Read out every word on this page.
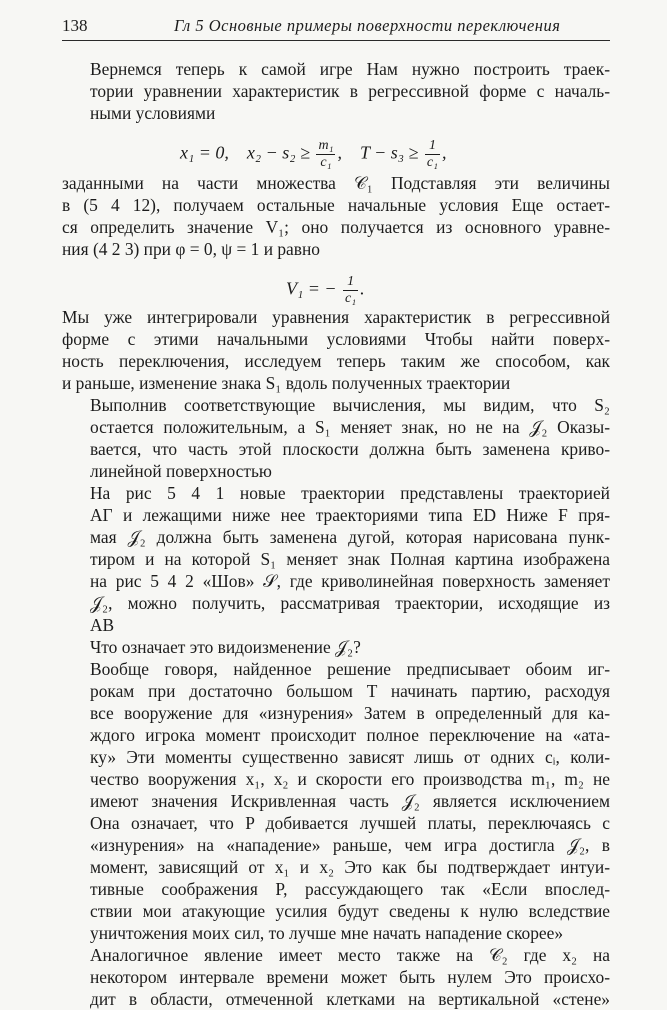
138	Гл 5 Основные примеры поверхности переключения

Вернемся теперь к самой игре Нам нужно построить траек-
тории уравнении характеристик в регрессивной форме с началь-
ными условиями

x₁ = 0, $x_2 - s_2 \ge \frac{\text{m₁}}{\text{c₁}}$ , $T - s_3 \ge \frac{1}{\text{c₁}}$ ,

заданными на части множества 𝒞₁ Подставляя эти величины
в (5 4 12), получаем остальные начальные условия Еще остает-
ся определить значение V₁; оно получается из основного уравне-
ния (4 2 3) при φ = 0, ψ = 1 и равно

V₁ = − $\frac{1}{\text{c₁}}$ .

Мы уже интегрировали уравнения характеристик в регрессивной
форме с этими начальными условиями Чтобы найти поверх-
ность переключения, исследуем теперь таким же способом, как
и раньше, изменение знака S₁ вдоль полученных траектории

Выполнив соответствующие вычисления, мы видим, что S₂
остается положительным, а S₁ меняет знак, но не на 𝒥₂ Оказы-
вается, что часть этой плоскости должна быть заменена криво-
линейной поверхностью

На рис 5 4 1 новые траектории представлены траекторией
АГ и лежащими ниже нее траекториями типа ED Ниже F пря-
мая 𝒥₂ должна быть заменена дугой, которая нарисована пунк-
тиром и на которой S₁ меняет знак Полная картина изображена
на рис 5 4 2 «Шов» 𝒮, где криволинейная поверхность заменяет
𝒥₂, можно получить, рассматривая траектории, исходящие из
AB

Что означает это видоизменение 𝒥₂?

Вообще говоря, найденное решение предписывает обоим иг-
рокам при достаточно большом T начинать партию, расходуя
все вооружение для «изнурения» Затем в определенный для ка-
ждого игрока момент происходит полное переключение на «ата-
ку» Эти моменты существенно зависят лишь от одних cᵢ, коли-
чество вооружения x₁, x₂ и скорости его производства m₁, m₂ не
имеют значения Искривленная часть 𝒥₂ является исключением
Она означает, что P добивается лучшей платы, переключаясь с
«изнурения» на «нападение» раньше, чем игра достигла 𝒥₂, в
момент, зависящий от x₁ и x₂ Это как бы подтверждает интуи-
тивные соображения P, рассуждающего так «Если впослед-
ствии мои атакующие усилия будут сведены к нулю вследствие
уничтожения моих сил, то лучше мне начать нападение скорее»

Аналогичное явление имеет место также на 𝒞₂ где x₂ на
некотором интервале времени может быть нулем Это происхо-
дит в области, отмеченной клетками на вертикальной «стене»
